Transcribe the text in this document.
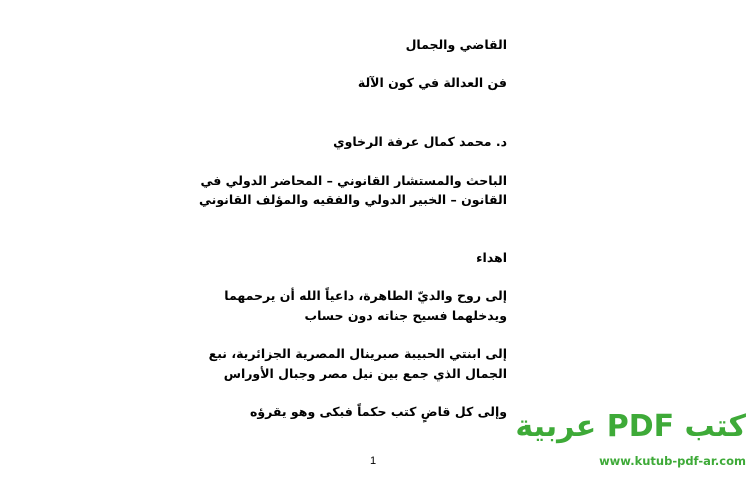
القاضي والجمال
فن العدالة في كون الآلة
د. محمد كمال عرفة الرخاوي
الباحث والمستشار القانوني – المحاضر الدولي في
القانون – الخبير الدولي والفقيه والمؤلف القانوني
اهداء
إلى روح والديّ الطاهرة، داعياً الله أن يرحمهما
ويدخلهما فسيح جناته دون حساب
إلى ابنتي الحبيبة صبرينال المصرية الجزائرية، نبع
الجمال الذي جمع بين نيل مصر وجبال الأوراس
وإلى كل قاضٍ كتب حكماً فبكى وهو يقرؤه
1
كتب PDF عربية
www.kutub-pdf-ar.com
